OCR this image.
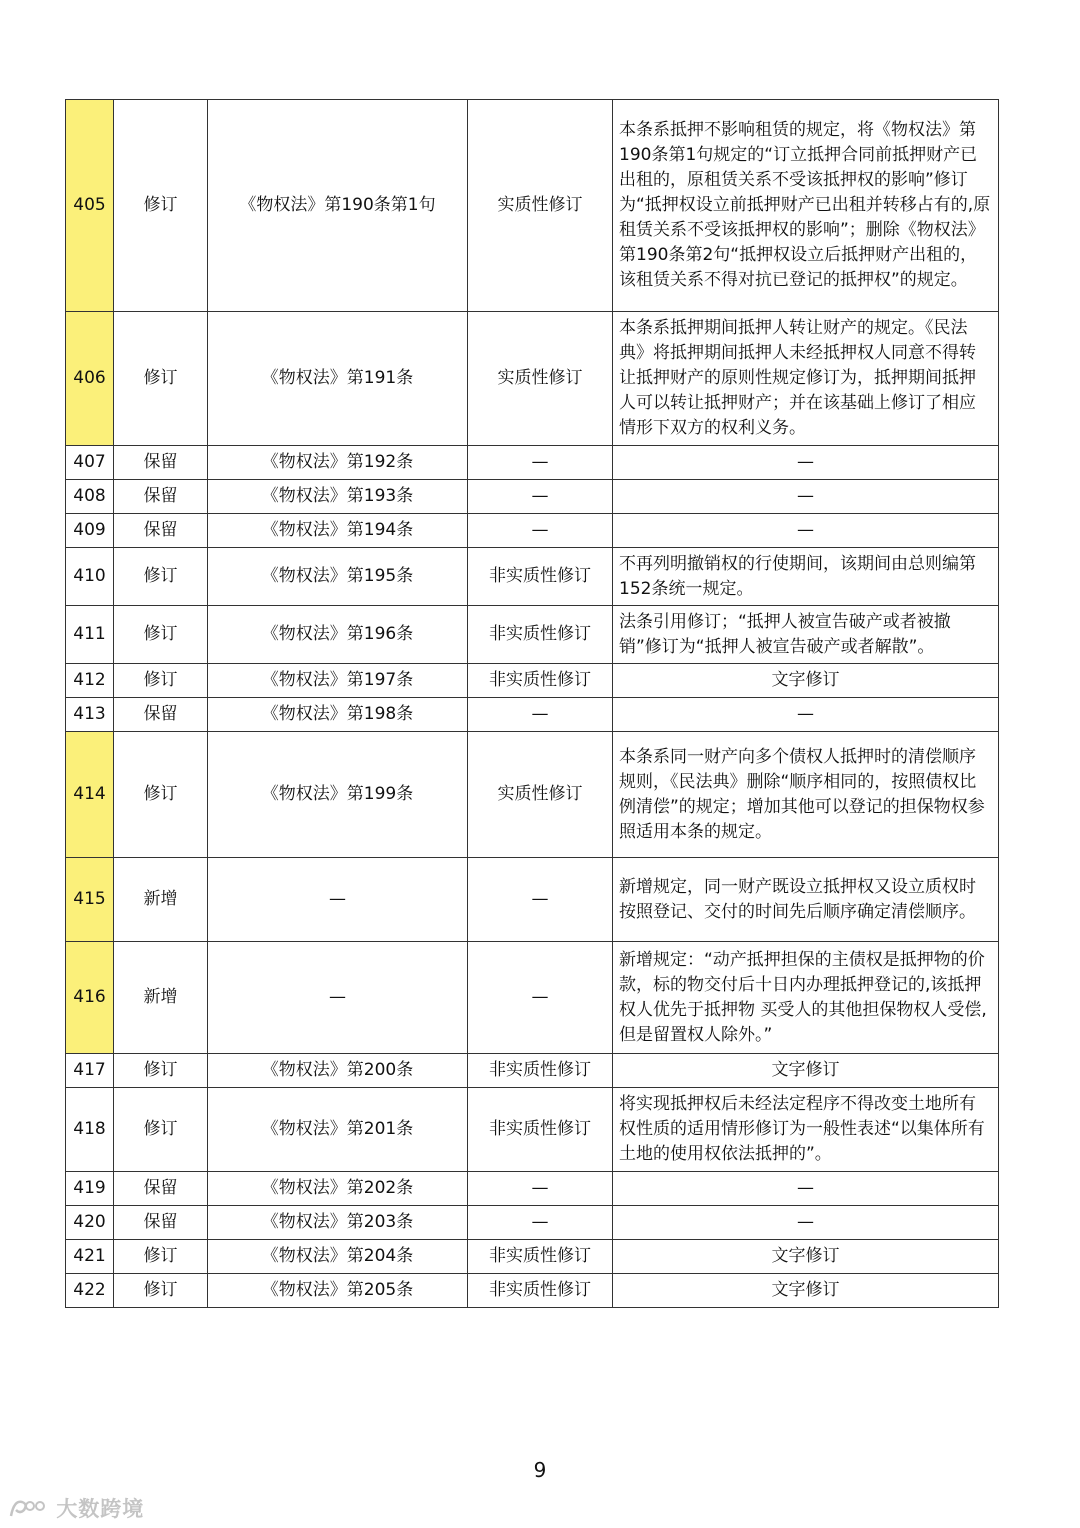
405	修订	《物权法》第190条第1句	实质性修订	本条系抵押不影响租赁的规定，将《物权法》第190条第1句规定的“订立抵押合同前抵押财产已出租的，原租赁关系不受该抵押权的影响”修订为“抵押权设立前抵押财产已出租并转移占有的,原租赁关系不受该抵押权的影响”；删除《物权法》第190条第2句“抵押权设立后抵押财产出租的，该租赁关系不得对抗已登记的抵押权”的规定。
406	修订	《物权法》第191条	实质性修订	本条系抵押期间抵押人转让财产的规定。《民法典》将抵押期间抵押人未经抵押权人同意不得转让抵押财产的原则性规定修订为，抵押期间抵押人可以转让抵押财产；并在该基础上修订了相应情形下双方的权利义务。
407	保留	《物权法》第192条	—	—
408	保留	《物权法》第193条	—	—
409	保留	《物权法》第194条	—	—
410	修订	《物权法》第195条	非实质性修订	不再列明撤销权的行使期间，该期间由总则编第152条统一规定。
411	修订	《物权法》第196条	非实质性修订	法条引用修订；“抵押人被宣告破产或者被撤销”修订为“抵押人被宣告破产或者解散”。
412	修订	《物权法》第197条	非实质性修订	文字修订
413	保留	《物权法》第198条	—	—
414	修订	《物权法》第199条	实质性修订	本条系同一财产向多个债权人抵押时的清偿顺序规则，《民法典》删除“顺序相同的，按照债权比例清偿”的规定；增加其他可以登记的担保物权参照适用本条的规定。
415	新增	—	—	新增规定，同一财产既设立抵押权又设立质权时按照登记、交付的时间先后顺序确定清偿顺序。
416	新增	—	—	新增规定：“动产抵押担保的主债权是抵押物的价款，标的物交付后十日内办理抵押登记的,该抵押权人优先于抵押物 买受人的其他担保物权人受偿,但是留置权人除外。”
417	修订	《物权法》第200条	非实质性修订	文字修订
418	修订	《物权法》第201条	非实质性修订	将实现抵押权后未经法定程序不得改变土地所有权性质的适用情形修订为一般性表述“以集体所有土地的使用权依法抵押的”。
419	保留	《物权法》第202条	—	—
420	保留	《物权法》第203条	—	—
421	修订	《物权法》第204条	非实质性修订	文字修订
422	修订	《物权法》第205条	非实质性修订	文字修订
9
大数跨境
